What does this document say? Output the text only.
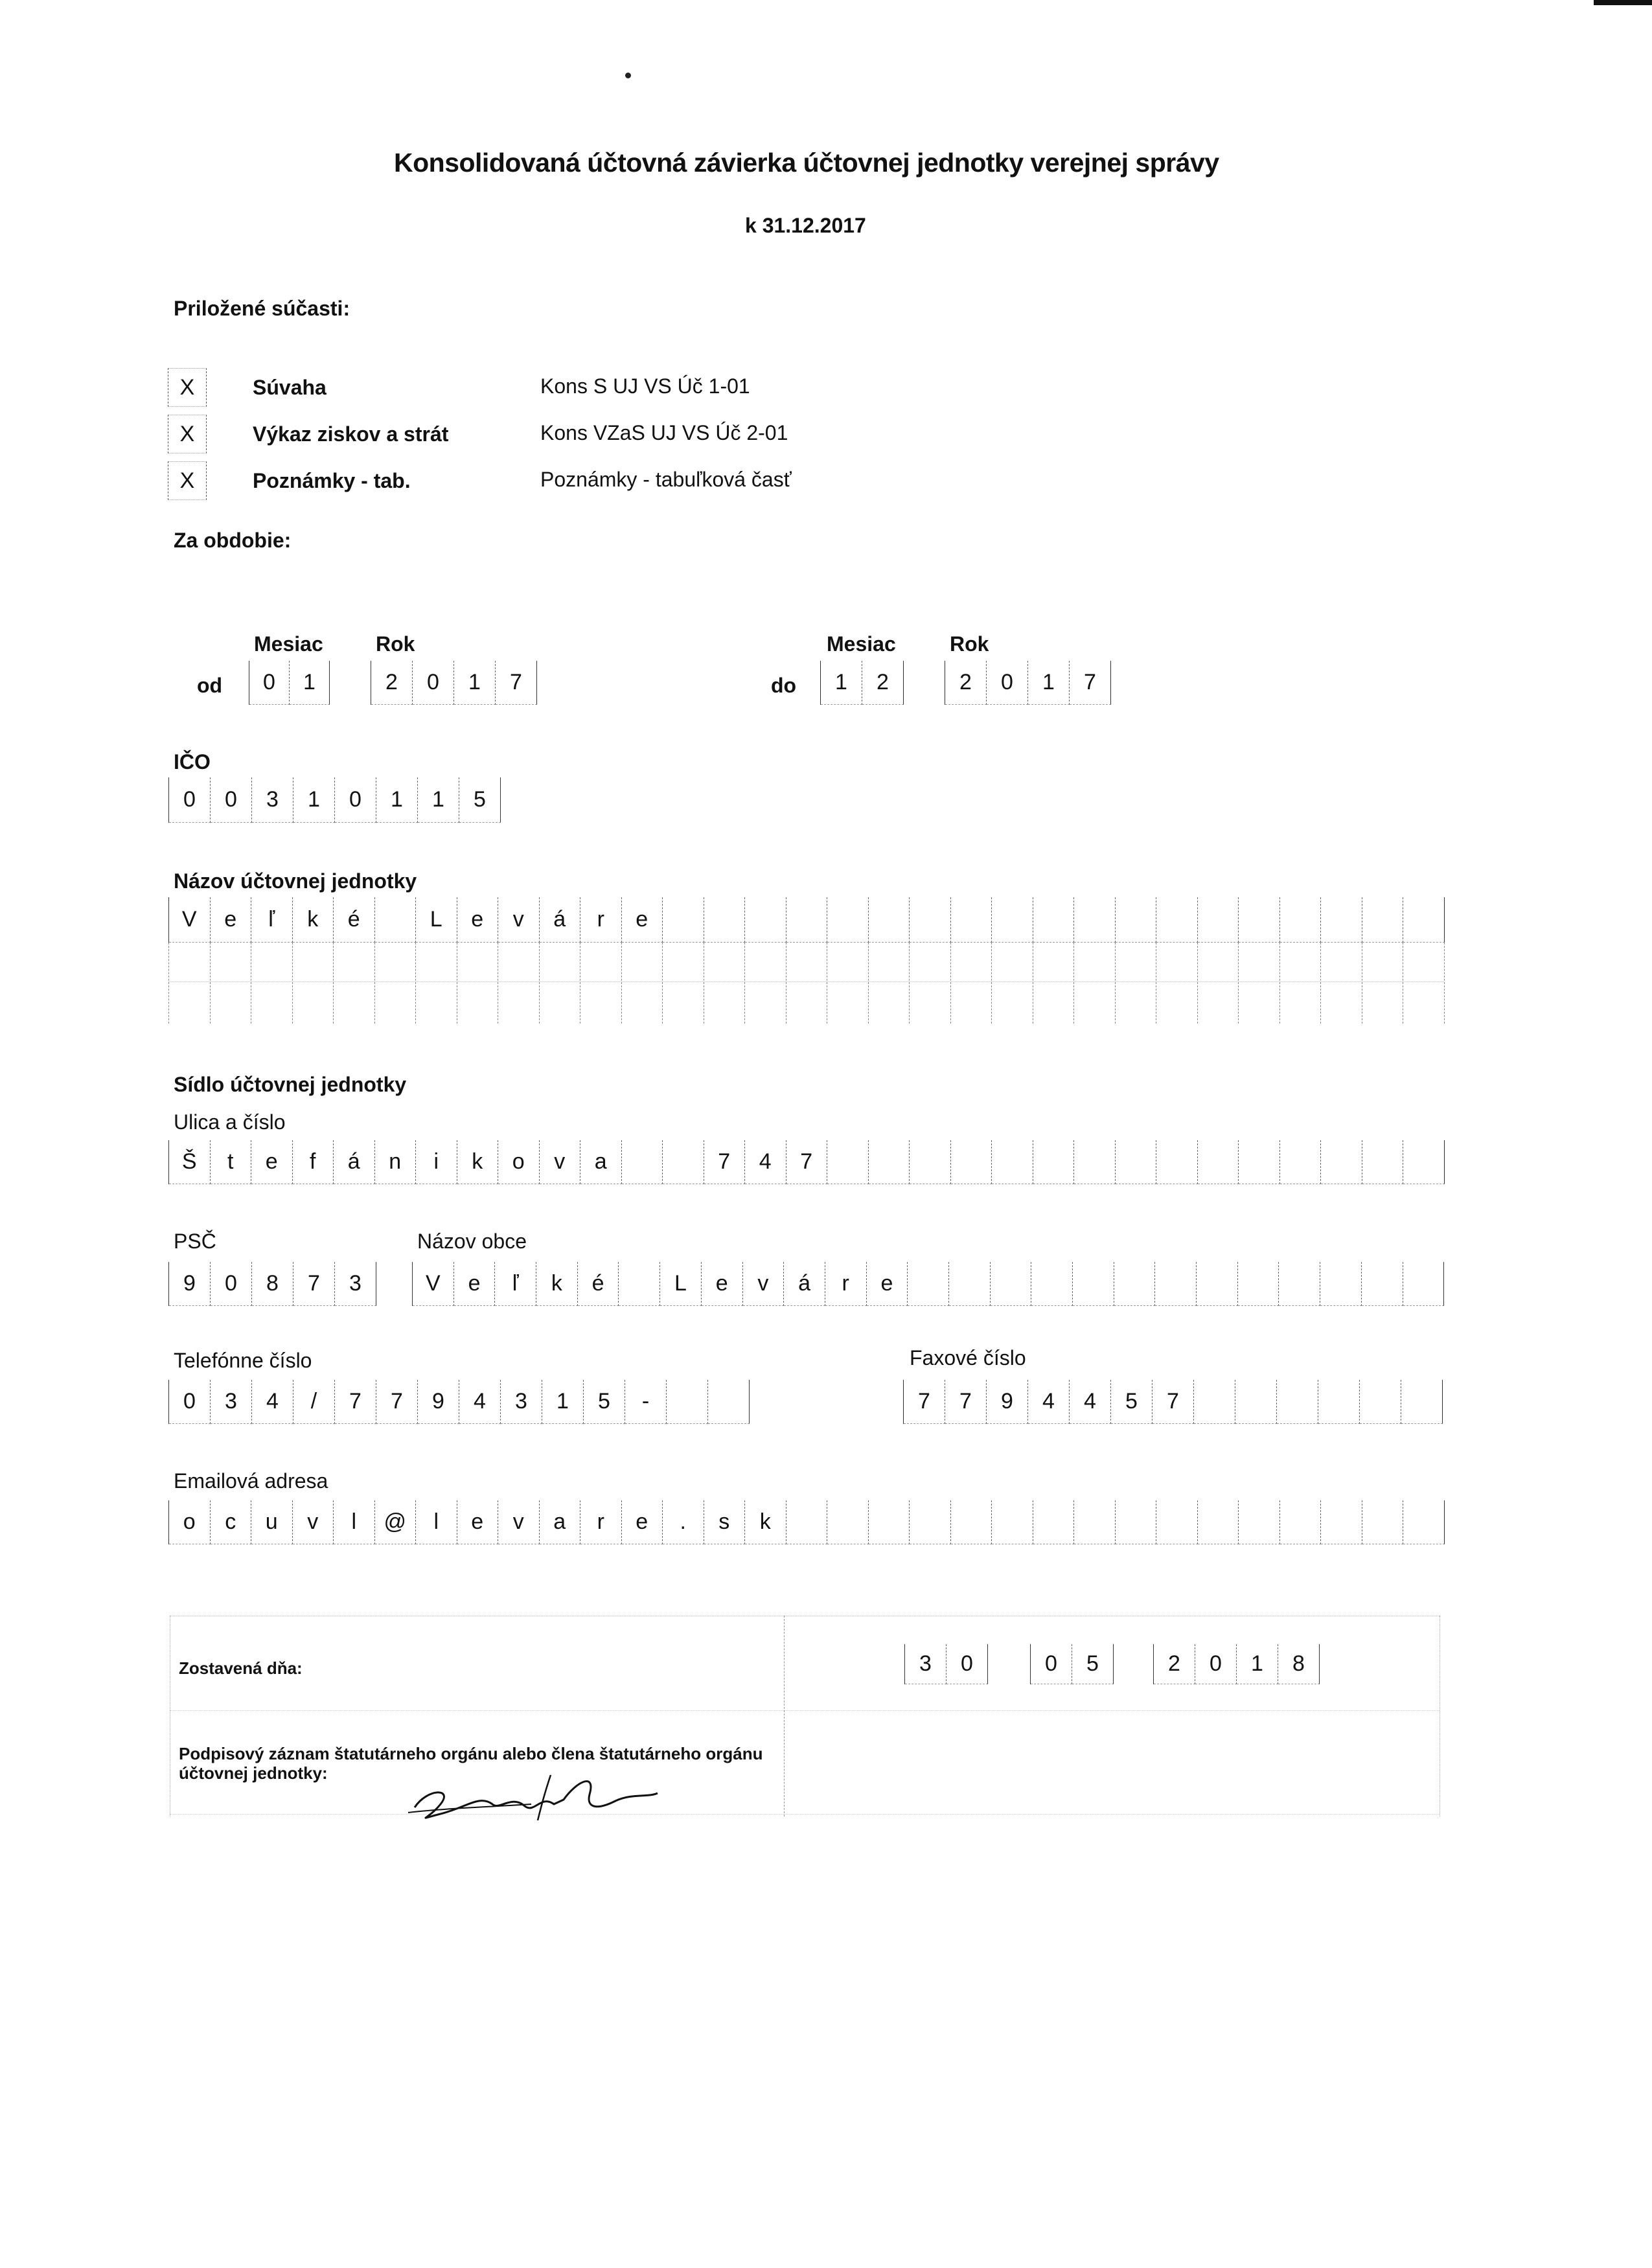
Konsolidovaná účtovná závierka účtovnej jednotky verejnej správy
k 31.12.2017
Priložené súčasti:
X	Súvaha	Kons S UJ VS Úč 1-01
X	Výkaz ziskov a strát	Kons VZaS UJ VS Úč 2-01
X	Poznámky - tab.	Poznámky - tabuľková časť
Za obdobie:
Mesiac	Rok
od	0	1	2	0	1	7
Mesiac	Rok
do	1	2	2	0	1	7
IČO
0	0	3	1	0	1	1	5
Názov účtovnej jednotky
V	e	ľ	k	é	L	e	v	á	r	e
Sídlo účtovnej jednotky
Ulica a číslo
Š	t	e	f	á	n	i	k	o	v	a	7	4	7
PSČ
9	0	8	7	3
Názov obce
V	e	ľ	k	é	L	e	v	á	r	e
Telefónne číslo
0	3	4	/	7	7	9	4	3	1	5	-
Faxové číslo
7	7	9	4	4	5	7
Emailová adresa
o	c	u	v	l	@	l	e	v	a	r	e	.	s	k
Zostavená dňa:	3	0	0	5	2	0	1	8
Podpisový záznam štatutárneho orgánu alebo člena štatutárneho orgánu
účtovnej jednotky:
